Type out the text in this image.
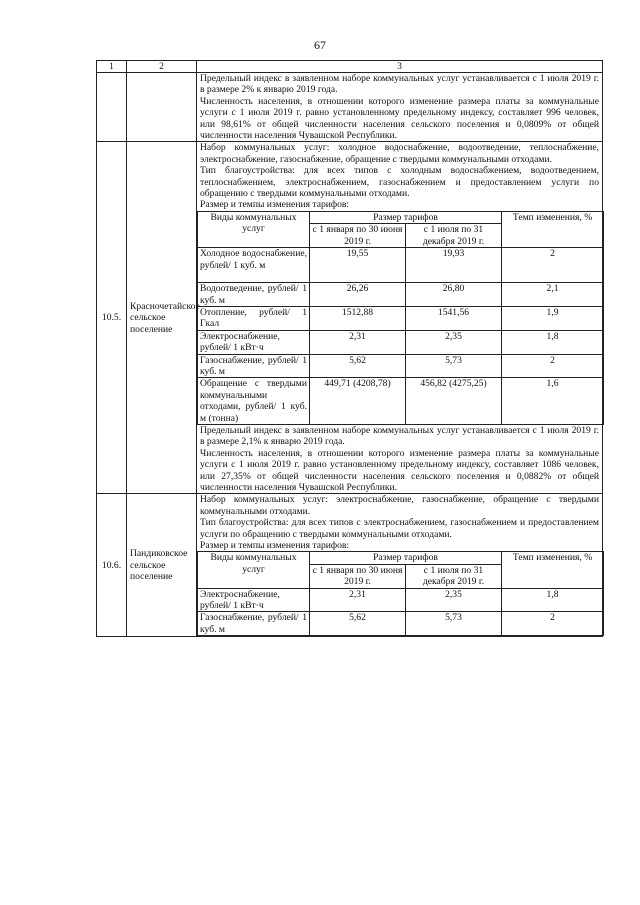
67
1	2	3

Предельный индекс в заявленном наборе коммунальных услуг устанавливается с 1 июля 2019 г. в размере 2% к январю 2019 года.

Численность населения, в отношении которого изменение размера платы за коммунальные услуги с 1 июля 2019 г. равно установленному предельному индексу, составляет 996 человек, или 98,61% от общей численности населения сельского поселения и 0,0809% от общей численности населения Чувашской Республики.

10.5.	Красночетайское сельское поселение	

Набор коммунальных услуг: холодное водоснабжение, водоотведение, теплоснабжение, электроснабжение, газоснабжение, обращение с твердыми коммунальными отходами.

Тип благоустройства: для всех типов с холодным водоснабжением, водоотведением, теплоснабжением, электроснабжением, газоснабжением и предоставлением услуги по обращению с твердыми коммунальными отходами.

Размер и темпы изменения тарифов:

Виды коммунальных услуг	Размер тарифов	Темп изменения, %
с 1 января по 30 июня 2019 г.	с 1 июля по 31 декабря 2019 г.
Холодное водоснабжение, рублей/ 1 куб. м	19,55	19,93	2
Водоотведение, рублей/ 1 куб. м	26,26	26,80	2,1
Отопление, рублей/ 1 Гкал	1512,88	1541,56	1,9
Электроснабжение, рублей/ 1 кВт·ч	2,31	2,35	1,8
Газоснабжение, рублей/ 1 куб. м	5,62	5,73	2
Обращение с твердыми коммунальными отходами, рублей/ 1 куб. м (тонна)	449,71 (4208,78)	456,82 (4275,25)	1,6

Предельный индекс в заявленном наборе коммунальных услуг устанавливается с 1 июля 2019 г. в размере 2,1% к январю 2019 года.

Численность населения, в отношении которого изменение размера платы за коммунальные услуги с 1 июля 2019 г. равно установленному предельному индексу, составляет 1086 человек, или 27,35% от общей численности населения сельского поселения и 0,0882% от общей численности населения Чувашской Республики.

10.6.	Пандиковское сельское поселение	

Набор коммунальных услуг: электроснабжение, газоснабжение, обращение с твердыми коммунальными отходами.

Тип благоустройства: для всех типов с электроснабжением, газоснабжением и предоставлением услуги по обращению с твердыми коммунальными отходами.

Размер и темпы изменения тарифов:

Виды коммунальных услуг	Размер тарифов	Темп изменения, %
с 1 января по 30 июня 2019 г.	с 1 июля по 31 декабря 2019 г.
Электроснабжение, рублей/ 1 кВт·ч	2,31	2,35	1,8
Газоснабжение, рублей/ 1 куб. м	5,62	5,73	2
